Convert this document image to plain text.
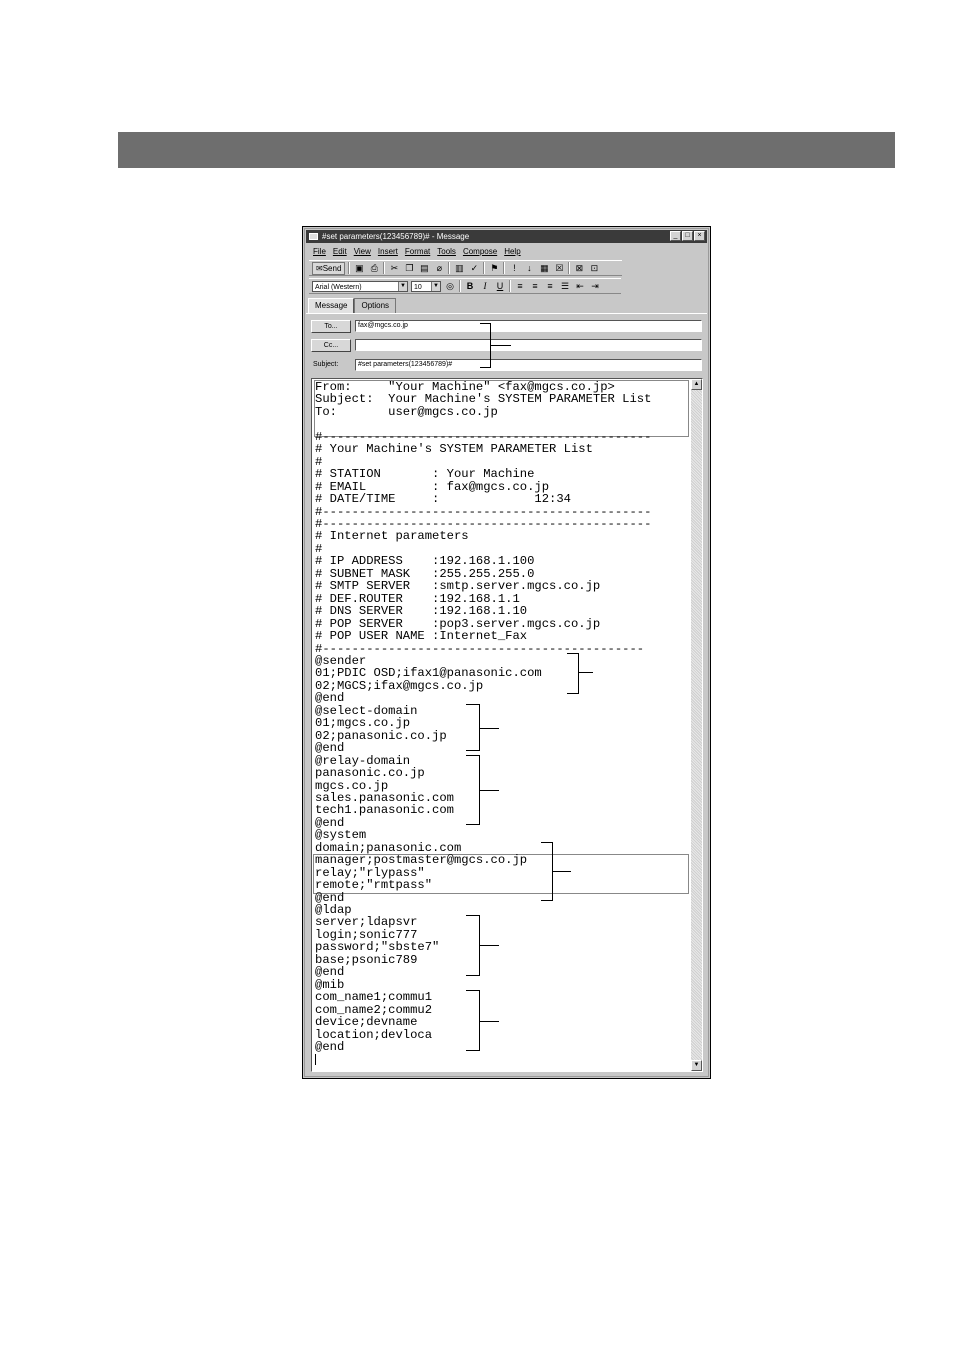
#set parameters(123456789)# - Message	_	□	×
File Edit View Insert Format Tools Compose Help
✉Send	▣ ⎙ ✂ ❐ ▤ ⌀	▥ ✓ ⚑	!	↓ ▦ ☒ ⊠ ⊡
Arial (Western)	▼	10	▼ ◎	B	I	U	≡	≡	≡ ☰ ⇤ ⇥
Message	Options
To...	fax@mgcs.co.jp
Cc...
Subject:	#set parameters(123456789)#
From:     "Your Machine" <fax@mgcs.co.jp>
Subject:  Your Machine's SYSTEM PARAMETER List
To:       user@mgcs.co.jp

#---------------------------------------------
# Your Machine's SYSTEM PARAMETER List
#
# STATION       : Your Machine
# EMAIL         : fax@mgcs.co.jp
# DATE/TIME     :             12:34
#---------------------------------------------
#---------------------------------------------
# Internet parameters
#
# IP ADDRESS    :192.168.1.100
# SUBNET MASK   :255.255.255.0
# SMTP SERVER   :smtp.server.mgcs.co.jp
# DEF.ROUTER    :192.168.1.1
# DNS SERVER    :192.168.1.10
# POP SERVER    :pop3.server.mgcs.co.jp
# POP USER NAME :Internet_Fax
#--------------------------------------------
@sender
01;PDIC OSD;ifax1@panasonic.com
02;MGCS;ifax@mgcs.co.jp
@end
@select-domain
01;mgcs.co.jp
02;panasonic.co.jp
@end
@relay-domain
panasonic.co.jp
mgcs.co.jp
sales.panasonic.com
tech1.panasonic.com
@end
@system
domain;panasonic.com
manager;postmaster@mgcs.co.jp
relay;"rlypass"
remote;"rmtpass"
@end
@ldap
server;ldapsvr
login;sonic777
password;"sbste7"
base;psonic789
@end
@mib
com_name1;commu1
com_name2;commu2
device;devname
location;devloca
@end
▲
▼
